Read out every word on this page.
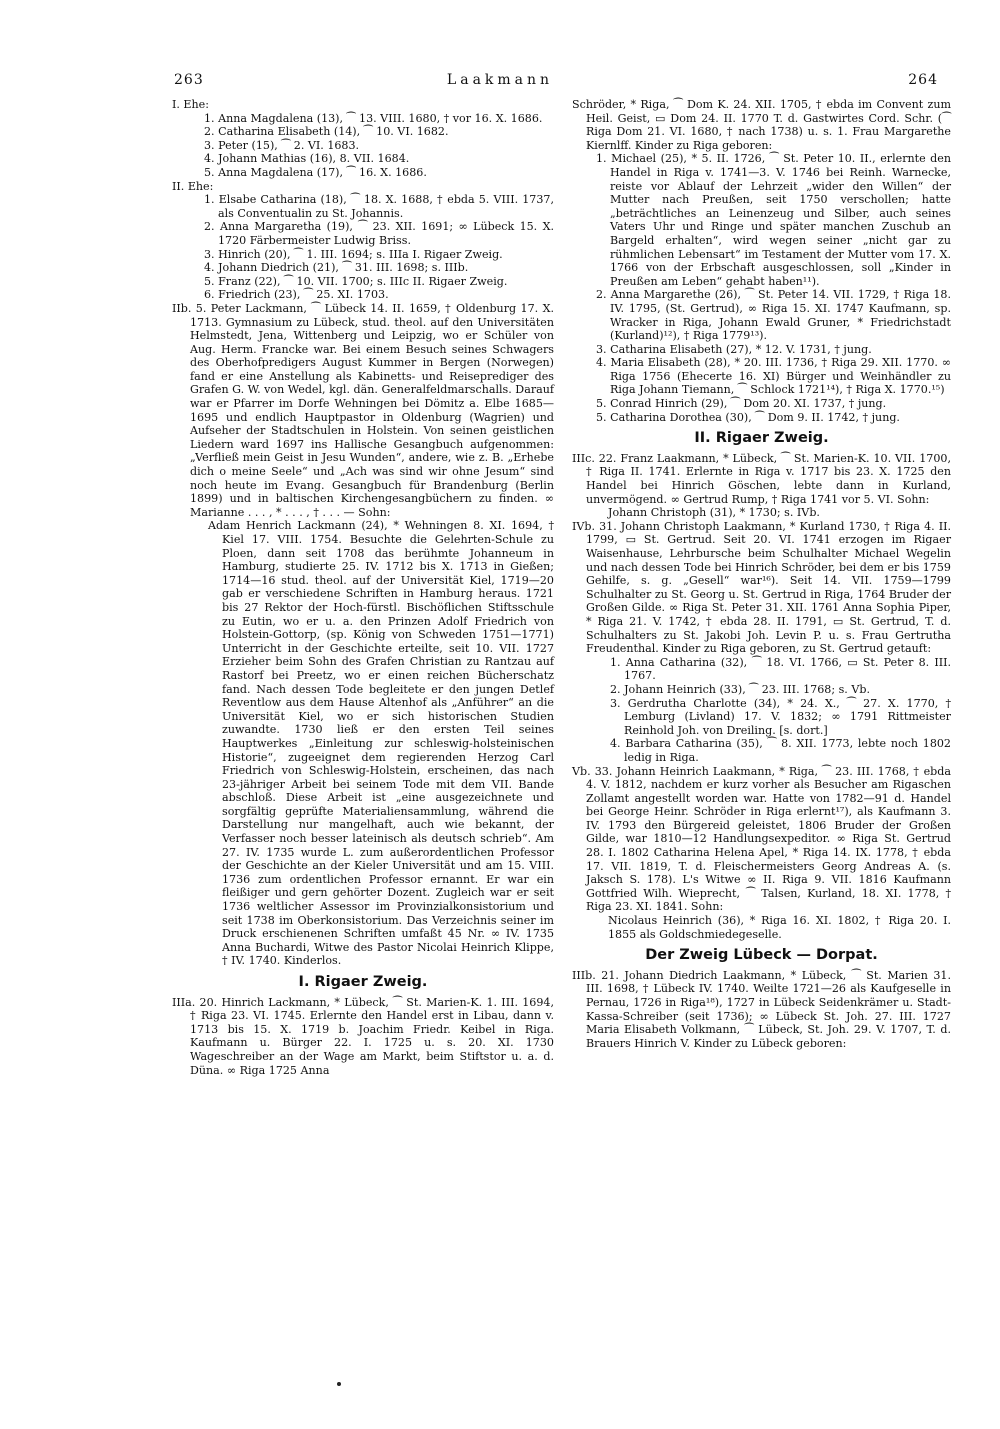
263	Laakmann	264

I. Ehe:

1. Anna Magdalena (13), ⁀ 13. VIII. 1680, † vor 16. X. 1686.

2. Catharina Elisabeth (14), ⁀ 10. VI. 1682.

3. Peter (15), ⁀ 2. VI. 1683.

4. Johann Mathias (16), 8. VII. 1684.

5. Anna Magdalena (17), ⁀ 16. X. 1686.

II. Ehe:

1. Elsabe Catharina (18), ⁀ 18. X. 1688, † ebda 5. VIII. 1737, als Conventualin zu St. Johannis.

2. Anna Margaretha (19), ⁀ 23. XII. 1691; ∞ Lübeck 15. X. 1720 Färbermeister Ludwig Briss.

3. Hinrich (20), ⁀ 1. III. 1694; s. IIIa I. Rigaer Zweig.

4. Johann Diedrich (21), ⁀ 31. III. 1698; s. IIIb.

5. Franz (22), ⁀ 10. VII. 1700; s. IIIc II. Rigaer Zweig.

6. Friedrich (23), ⁀ 25. XI. 1703.

IIb. 5. Peter Lackmann, ⁀ Lübeck 14. II. 1659, † Oldenburg 17. X. 1713. Gymnasium zu Lübeck, stud. theol. auf den Universitäten Helmstedt, Jena, Wittenberg und Leipzig, wo er Schüler von Aug. Herm. Francke war. Bei einem Besuch seines Schwagers des Oberhofpredigers August Kummer in Bergen (Norwegen) fand er eine Anstellung als Kabinetts- und Reiseprediger des Grafen G. W. von Wedel, kgl. dän. Generalfeldmarschalls. Darauf war er Pfarrer im Dorfe Wehningen bei Dömitz a. Elbe 1685—1695 und endlich Hauptpastor in Oldenburg (Wagrien) und Aufseher der Stadtschulen in Holstein. Von seinen geistlichen Liedern ward 1697 ins Hallische Gesangbuch aufgenommen: „Verfließ mein Geist in Jesu Wunden“, andere, wie z. B. „Erhebe dich o meine Seele“ und „Ach was sind wir ohne Jesum“ sind noch heute im Evang. Gesangbuch für Brandenburg (Berlin 1899) und in baltischen Kirchengesangbüchern zu finden. ∞ Marianne . . . , * . . . , † . . . — Sohn:

Adam Henrich Lackmann (24), * Wehningen 8. XI. 1694, † Kiel 17. VIII. 1754. Besuchte die Gelehrten-Schule zu Ploen, dann seit 1708 das berühmte Johanneum in Hamburg, studierte 25. IV. 1712 bis X. 1713 in Gießen; 1714—16 stud. theol. auf der Universität Kiel, 1719—20 gab er verschiedene Schriften in Hamburg heraus. 1721 bis 27 Rektor der Hoch-fürstl. Bischöflichen Stiftsschule zu Eutin, wo er u. a. den Prinzen Adolf Friedrich von Holstein-Gottorp, (sp. König von Schweden 1751—1771) Unterricht in der Geschichte erteilte, seit 10. VII. 1727 Erzieher beim Sohn des Grafen Christian zu Rantzau auf Rastorf bei Preetz, wo er einen reichen Bücherschatz fand. Nach dessen Tode begleitete er den jungen Detlef Reventlow aus dem Hause Altenhof als „Anführer“ an die Universität Kiel, wo er sich historischen Studien zuwandte. 1730 ließ er den ersten Teil seines Hauptwerkes „Einleitung zur schleswig-holsteinischen Historie“, zugeeignet dem regierenden Herzog Carl Friedrich von Schleswig-Holstein, erscheinen, das nach 23-jähriger Arbeit bei seinem Tode mit dem VII. Bande abschloß. Diese Arbeit ist „eine ausgezeichnete und sorgfältig geprüfte Materialiensammlung, während die Darstellung nur mangelhaft, auch wie bekannt, der Verfasser noch besser lateinisch als deutsch schrieb“. Am 27. IV. 1735 wurde L. zum außerordentlichen Professor der Geschichte an der Kieler Universität und am 15. VIII. 1736 zum ordentlichen Professor ernannt. Er war ein fleißiger und gern gehörter Dozent. Zugleich war er seit 1736 weltlicher Assessor im Provinzialkonsistorium und seit 1738 im Oberkonsistorium. Das Verzeichnis seiner im Druck erschienenen Schriften umfaßt 45 Nr. ∞ IV. 1735 Anna Buchardi, Witwe des Pastor Nicolai Heinrich Klippe, † IV. 1740. Kinderlos.

I. Rigaer Zweig.

IIIa. 20. Hinrich Lackmann, * Lübeck, ⁀ St. Marien-K. 1. III. 1694, † Riga 23. VI. 1745. Erlernte den Handel erst in Libau, dann v. 1713 bis 15. X. 1719 b. Joachim Friedr. Keibel in Riga. Kaufmann u. Bürger 22. I. 1725 u. s. 20. XI. 1730 Wageschreiber an der Wage am Markt, beim Stiftstor u. a. d. Düna. ∞ Riga 1725 Anna

Schröder, * Riga, ⁀ Dom K. 24. XII. 1705, † ebda im Convent zum Heil. Geist, ▭ Dom 24. II. 1770 T. d. Gastwirtes Cord. Schr. (⁀ Riga Dom 21. VI. 1680, † nach 1738) u. s. 1. Frau Margarethe Kiernlff. Kinder zu Riga geboren:

1. Michael (25), * 5. II. 1726, ⁀ St. Peter 10. II., erlernte den Handel in Riga v. 1741—3. V. 1746 bei Reinh. Warnecke, reiste vor Ablauf der Lehrzeit „wider den Willen“ der Mutter nach Preußen, seit 1750 verschollen; hatte „beträchtliches an Leinenzeug und Silber, auch seines Vaters Uhr und Ringe und später manchen Zuschub an Bargeld erhalten“, wird wegen seiner „nicht gar zu rühmlichen Lebensart“ im Testament der Mutter vom 17. X. 1766 von der Erbschaft ausgeschlossen, soll „Kinder in Preußen am Leben“ gehabt haben¹¹).

2. Anna Margarethe (26), ⁀ St. Peter 14. VII. 1729, † Riga 18. IV. 1795, (St. Gertrud), ∞ Riga 15. XI. 1747 Kaufmann, sp. Wracker in Riga, Johann Ewald Gruner, * Friedrichstadt (Kurland)¹²), † Riga 1779¹³).

3. Catharina Elisabeth (27), * 12. V. 1731, † jung.

4. Maria Elisabeth (28), * 20. III. 1736, † Riga 29. XII. 1770. ∞ Riga 1756 (Ehecerte 16. XI) Bürger und Weinhändler zu Riga Johann Tiemann, ⁀ Schlock 1721¹⁴), † Riga X. 1770.¹⁵)

5. Conrad Hinrich (29), ⁀ Dom 20. XI. 1737, † jung.

5. Catharina Dorothea (30), ⁀ Dom 9. II. 1742, † jung.

II. Rigaer Zweig.

IIIc. 22. Franz Laakmann, * Lübeck, ⁀ St. Marien-K. 10. VII. 1700, † Riga II. 1741. Erlernte in Riga v. 1717 bis 23. X. 1725 den Handel bei Hinrich Göschen, lebte dann in Kurland, unvermögend. ∞ Gertrud Rump, † Riga 1741 vor 5. VI. Sohn:

Johann Christoph (31), * 1730; s. IVb.

IVb. 31. Johann Christoph Laakmann, * Kurland 1730, † Riga 4. II. 1799, ▭ St. Gertrud. Seit 20. VI. 1741 erzogen im Rigaer Waisenhause, Lehrbursche beim Schulhalter Michael Wegelin und nach dessen Tode bei Hinrich Schröder, bei dem er bis 1759 Gehilfe, s. g. „Gesell“ war¹⁶). Seit 14. VII. 1759—1799 Schulhalter zu St. Georg u. St. Gertrud in Riga, 1764 Bruder der Großen Gilde. ∞ Riga St. Peter 31. XII. 1761 Anna Sophia Piper, * Riga 21. V. 1742, † ebda 28. II. 1791, ▭ St. Gertrud, T. d. Schulhalters zu St. Jakobi Joh. Levin P. u. s. Frau Gertrutha Freudenthal. Kinder zu Riga geboren, zu St. Gertrud getauft:

1. Anna Catharina (32), ⁀ 18. VI. 1766, ▭ St. Peter 8. III. 1767.

2. Johann Heinrich (33), ⁀ 23. III. 1768; s. Vb.

3. Gerdrutha Charlotte (34), * 24. X., ⁀ 27. X. 1770, † Lemburg (Livland) 17. V. 1832; ∞ 1791 Rittmeister Reinhold Joh. von Dreiling. [s. dort.]

4. Barbara Catharina (35), ⁀ 8. XII. 1773, lebte noch 1802 ledig in Riga.

Vb. 33. Johann Heinrich Laakmann, * Riga, ⁀ 23. III. 1768, † ebda 4. V. 1812, nachdem er kurz vorher als Besucher am Rigaschen Zollamt angestellt worden war. Hatte von 1782—91 d. Handel bei George Heinr. Schröder in Riga erlernt¹⁷), als Kaufmann 3. IV. 1793 den Bürgereid geleistet, 1806 Bruder der Großen Gilde, war 1810—12 Handlungsexpeditor. ∞ Riga St. Gertrud 28. I. 1802 Catharina Helena Apel, * Riga 14. IX. 1778, † ebda 17. VII. 1819, T. d. Fleischermeisters Georg Andreas A. (s. Jaksch S. 178). L's Witwe ∞ II. Riga 9. VII. 1816 Kaufmann Gottfried Wilh. Wieprecht, ⁀ Talsen, Kurland, 18. XI. 1778, † Riga 23. XI. 1841. Sohn:

Nicolaus Heinrich (36), * Riga 16. XI. 1802, † Riga 20. I. 1855 als Goldschmiedegeselle.

Der Zweig Lübeck — Dorpat.

IIIb. 21. Johann Diedrich Laakmann, * Lübeck, ⁀ St. Marien 31. III. 1698, † Lübeck IV. 1740. Weilte 1721—26 als Kaufgeselle in Pernau, 1726 in Riga¹⁸), 1727 in Lübeck Seidenkrämer u. Stadt-Kassa-Schreiber (seit 1736); ∞ Lübeck St. Joh. 27. III. 1727 Maria Elisabeth Volkmann, ⁀ Lübeck, St. Joh. 29. V. 1707, T. d. Brauers Hinrich V. Kinder zu Lübeck geboren:
